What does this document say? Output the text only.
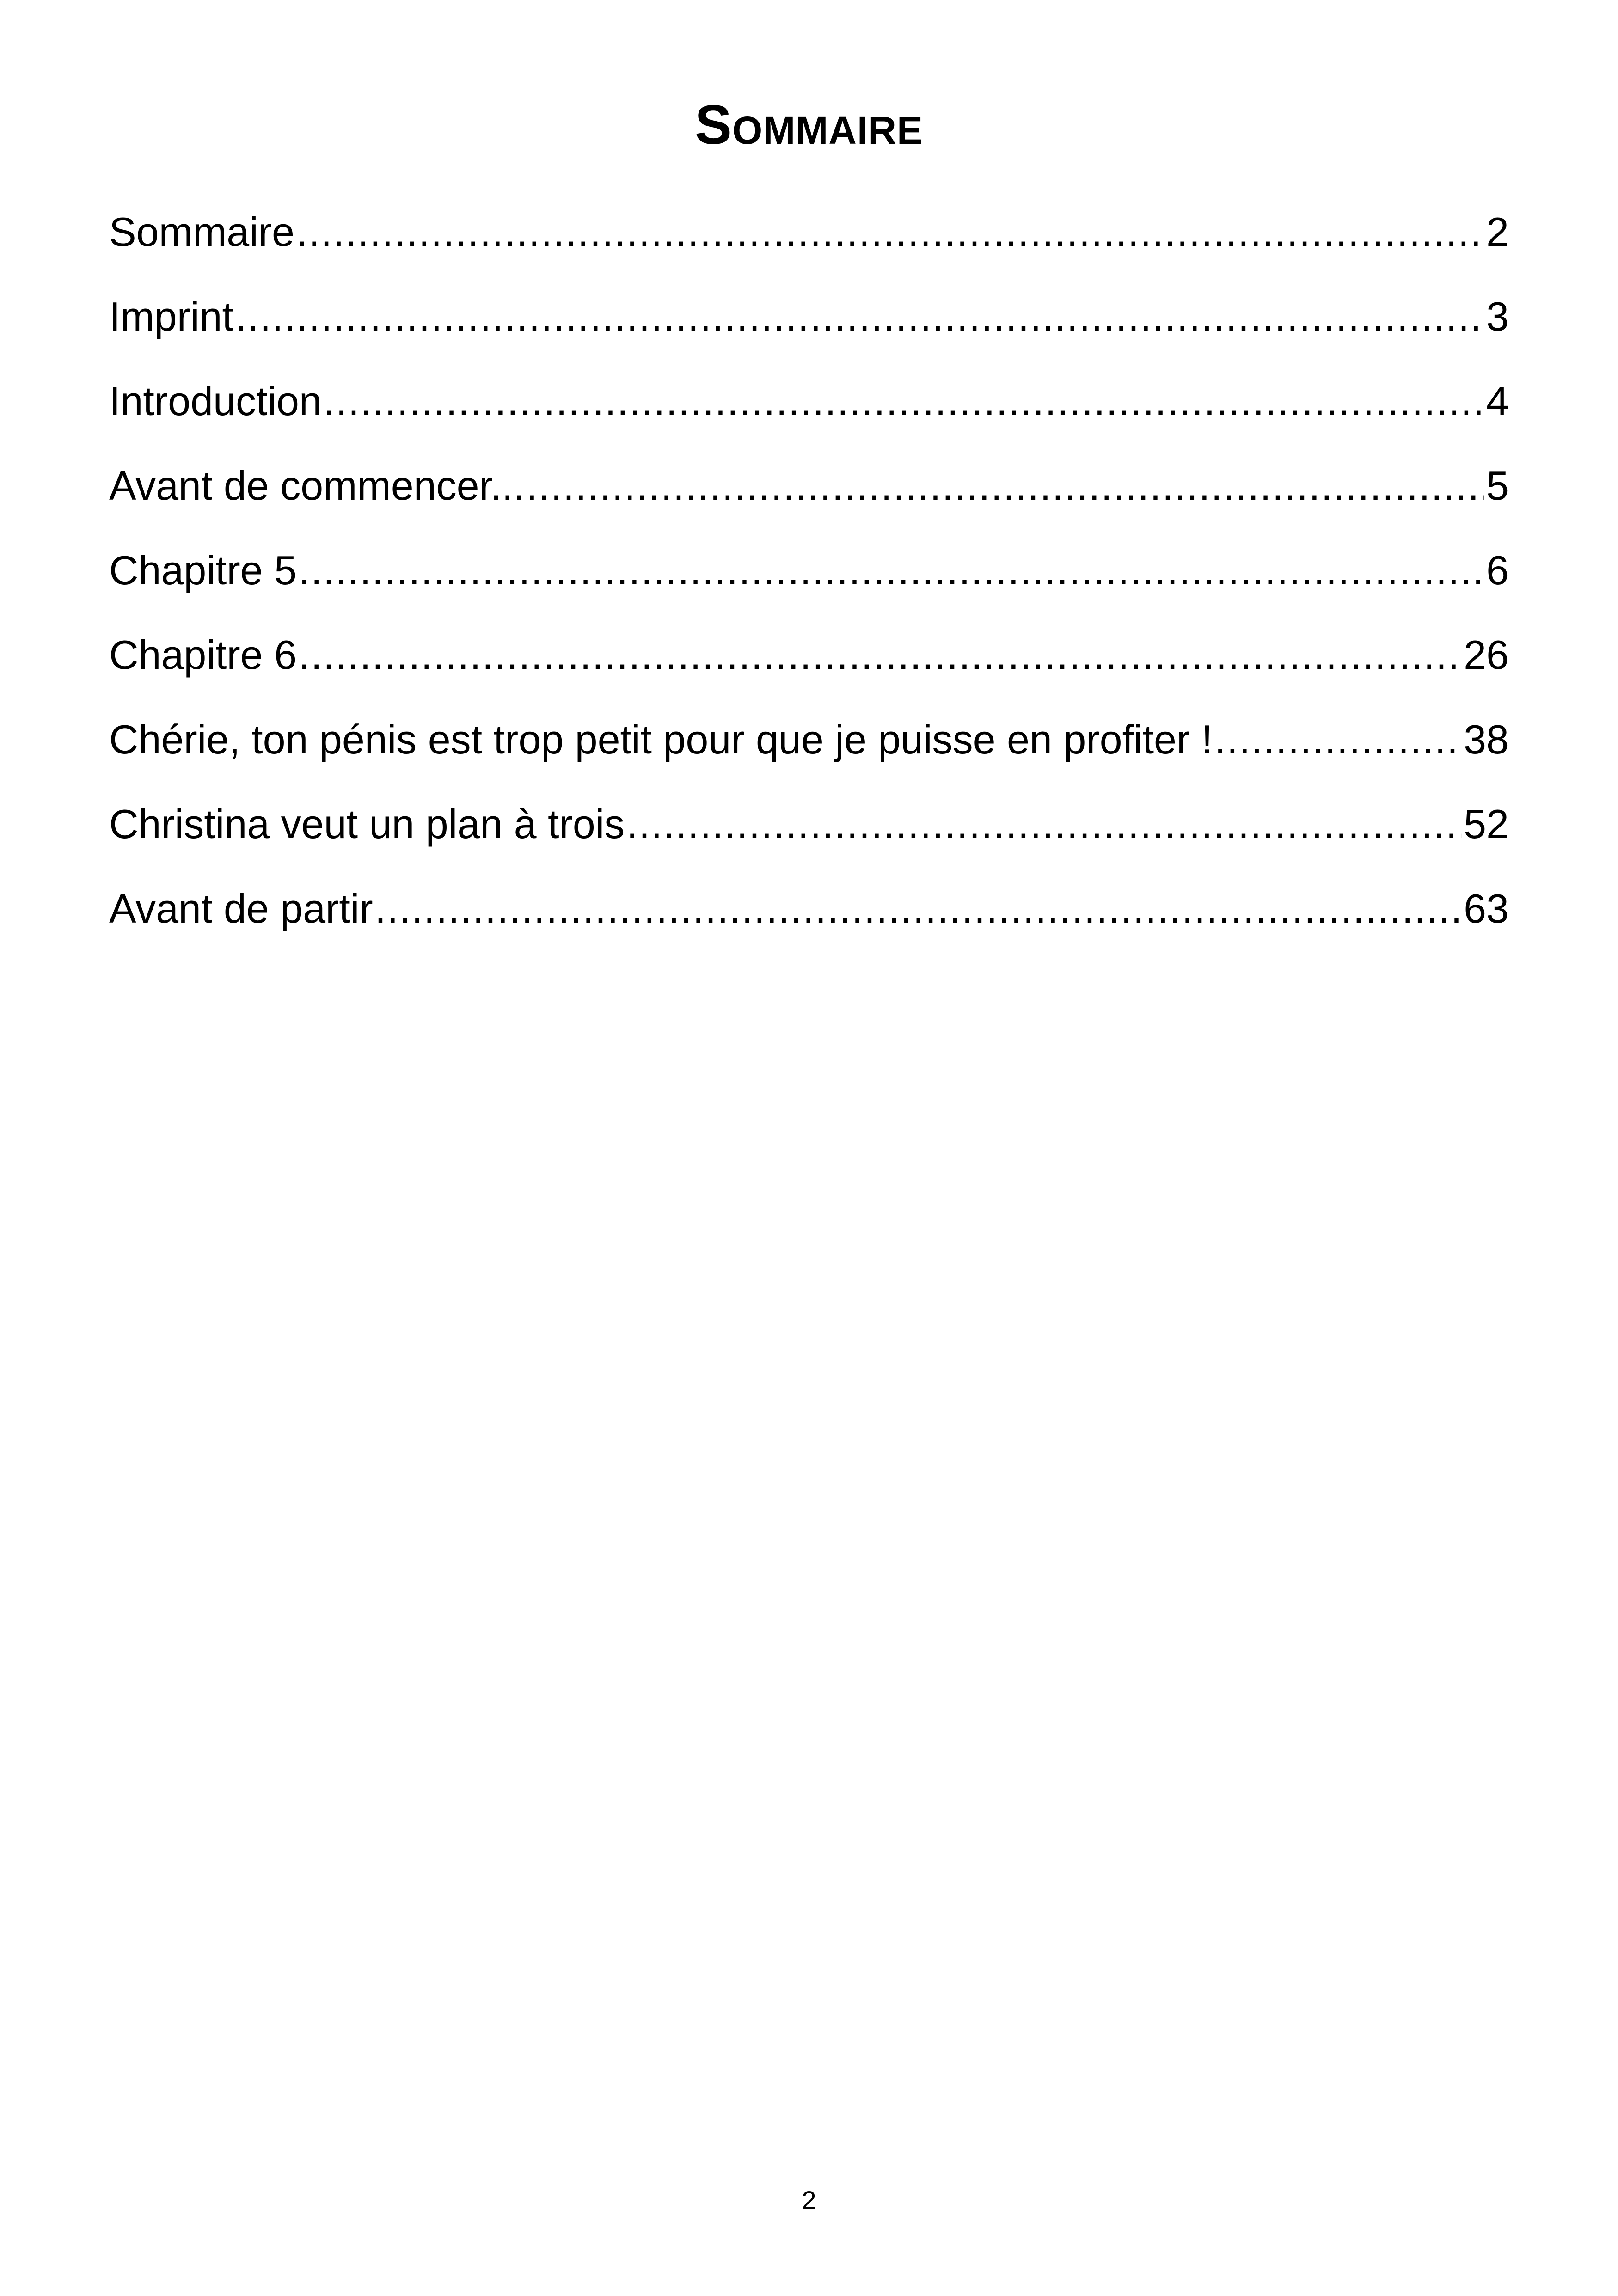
Sommaire
Sommaire .....	2
Imprint .....	3
Introduction .....	4
Avant de commencer... .....	5
Chapitre 5 .....	6
Chapitre 6 .....	26
Chérie, ton pénis est trop petit pour que je puisse en profiter ! .....	38
Christina veut un plan à trois .....	52
Avant de partir .....	63
2
